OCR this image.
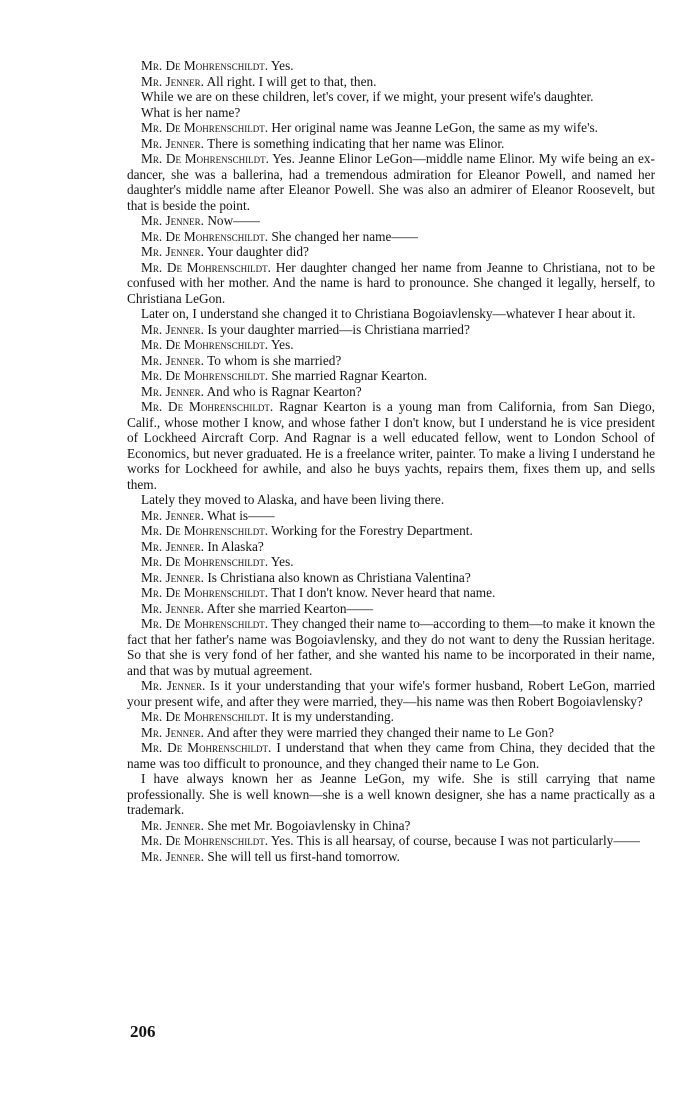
Mr. De Mohrenschildt. Yes.

Mr. Jenner. All right. I will get to that, then.

While we are on these children, let's cover, if we might, your present wife's daughter.

What is her name?

Mr. De Mohrenschildt. Her original name was Jeanne LeGon, the same as my wife's.

Mr. Jenner. There is something indicating that her name was Elinor.

Mr. De Mohrenschildt. Yes. Jeanne Elinor LeGon—middle name Elinor. My wife being an ex-dancer, she was a ballerina, had a tremendous admiration for Eleanor Powell, and named her daughter's middle name after Eleanor Powell. She was also an admirer of Eleanor Roosevelt, but that is beside the point.

Mr. Jenner. Now——

Mr. De Mohrenschildt. She changed her name——

Mr. Jenner. Your daughter did?

Mr. De Mohrenschildt. Her daughter changed her name from Jeanne to Christiana, not to be confused with her mother. And the name is hard to pronounce. She changed it legally, herself, to Christiana LeGon.

Later on, I understand she changed it to Christiana Bogoiavlensky—whatever I hear about it.

Mr. Jenner. Is your daughter married—is Christiana married?

Mr. De Mohrenschildt. Yes.

Mr. Jenner. To whom is she married?

Mr. De Mohrenschildt. She married Ragnar Kearton.

Mr. Jenner. And who is Ragnar Kearton?

Mr. De Mohrenschildt. Ragnar Kearton is a young man from California, from San Diego, Calif., whose mother I know, and whose father I don't know, but I understand he is vice president of Lockheed Aircraft Corp. And Ragnar is a well educated fellow, went to London School of Economics, but never graduated. He is a freelance writer, painter. To make a living I understand he works for Lockheed for awhile, and also he buys yachts, repairs them, fixes them up, and sells them.

Lately they moved to Alaska, and have been living there.

Mr. Jenner. What is——

Mr. De Mohrenschildt. Working for the Forestry Department.

Mr. Jenner. In Alaska?

Mr. De Mohrenschildt. Yes.

Mr. Jenner. Is Christiana also known as Christiana Valentina?

Mr. De Mohrenschildt. That I don't know. Never heard that name.

Mr. Jenner. After she married Kearton——

Mr. De Mohrenschildt. They changed their name to—according to them—to make it known the fact that her father's name was Bogoiavlensky, and they do not want to deny the Russian heritage. So that she is very fond of her father, and she wanted his name to be incorporated in their name, and that was by mutual agreement.

Mr. Jenner. Is it your understanding that your wife's former husband, Robert LeGon, married your present wife, and after they were married, they—his name was then Robert Bogoiavlensky?

Mr. De Mohrenschildt. It is my understanding.

Mr. Jenner. And after they were married they changed their name to Le Gon?

Mr. De Mohrenschildt. I understand that when they came from China, they decided that the name was too difficult to pronounce, and they changed their name to Le Gon.

I have always known her as Jeanne LeGon, my wife. She is still carrying that name professionally. She is well known—she is a well known designer, she has a name practically as a trademark.

Mr. Jenner. She met Mr. Bogoiavlensky in China?

Mr. De Mohrenschildt. Yes. This is all hearsay, of course, because I was not particularly——

Mr. Jenner. She will tell us first-hand tomorrow.

206
